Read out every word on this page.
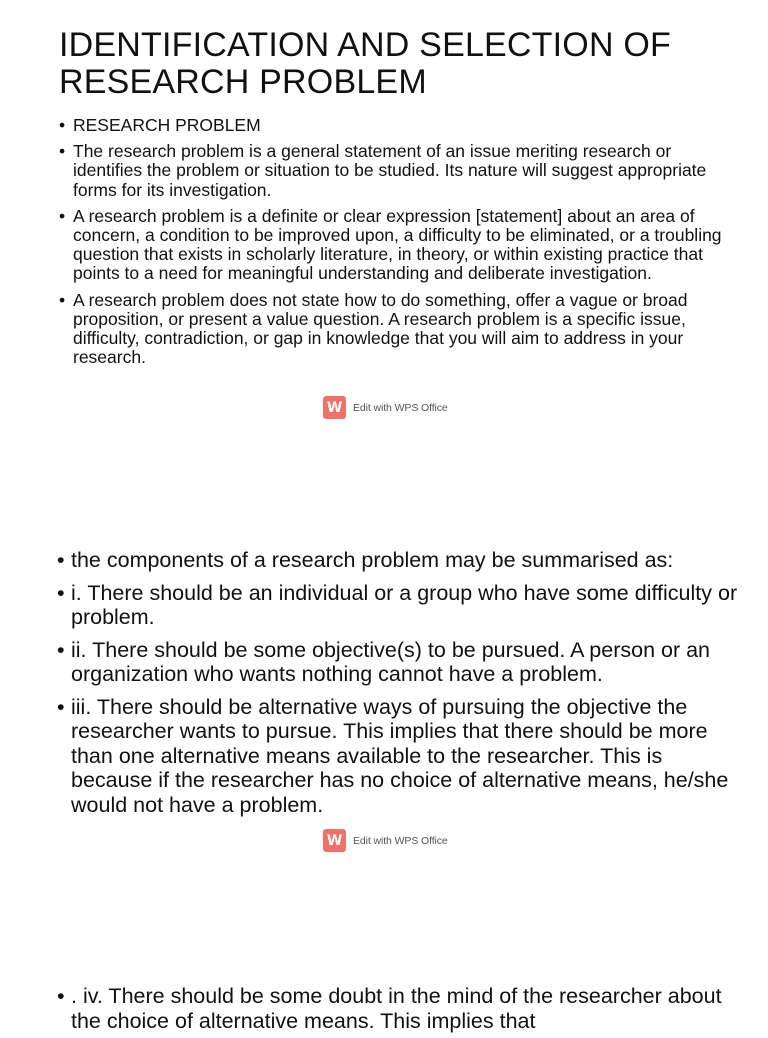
IDENTIFICATION AND SELECTION OF RESEARCH PROBLEM
• RESEARCH PROBLEM
• The research problem is a general statement of an issue meriting research or identifies the problem or situation to be studied. Its nature will suggest appropriate forms for its investigation.
• A research problem is a definite or clear expression [statement] about an area of concern, a condition to be improved upon, a difficulty to be eliminated, or a troubling question that exists in scholarly literature, in theory, or within existing practice that points to a need for meaningful understanding and deliberate investigation.
• A research problem does not state how to do something, offer a vague or broad proposition, or present a value question. A research problem is a specific issue, difficulty, contradiction, or gap in knowledge that you will aim to address in your research.
W	Edit with WPS Office
• the components of a research problem may be summarised as:
• i. There should be an individual or a group who have some difficulty or problem.
• ii. There should be some objective(s) to be pursued. A person or an organization who wants nothing cannot have a problem.
• iii. There should be alternative ways of pursuing the objective the researcher wants to pursue. This implies that there should be more than one alternative means available to the researcher. This is because if the researcher has no choice of alternative means, he/she would not have a problem.
W	Edit with WPS Office
• . iv. There should be some doubt in the mind of the researcher about the choice of alternative means. This implies that
